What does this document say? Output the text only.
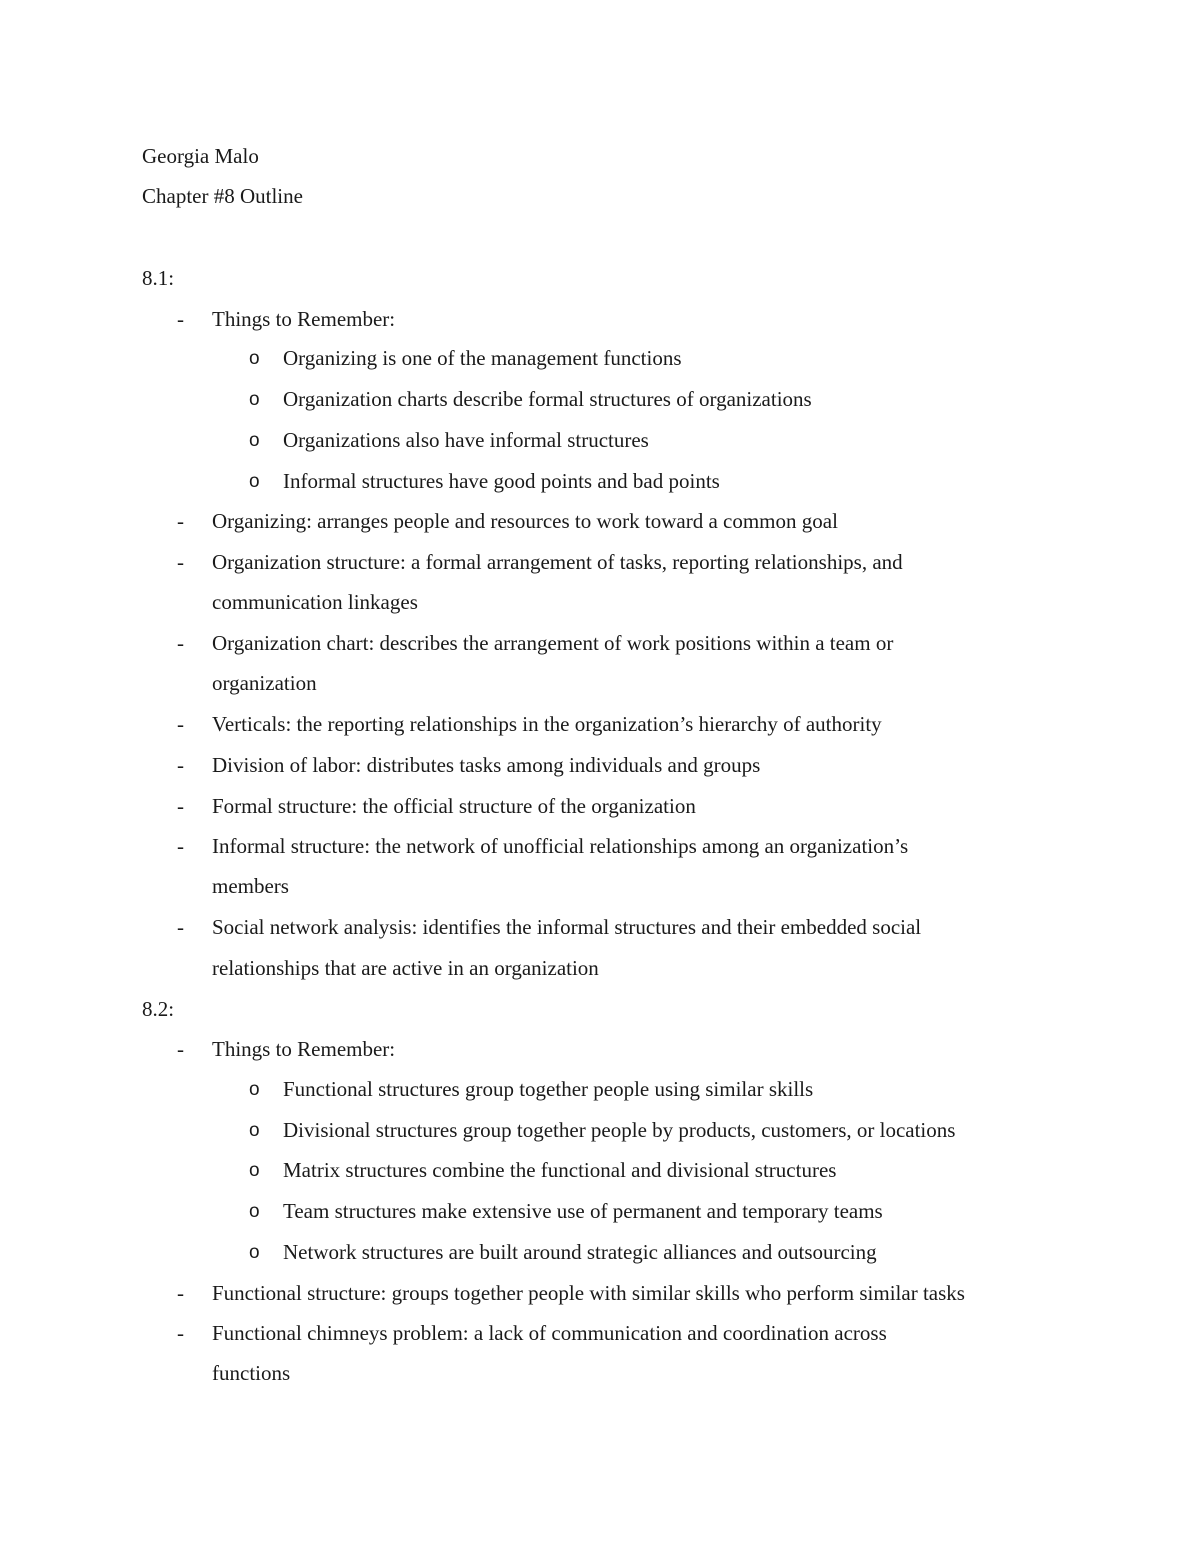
Georgia Malo
Chapter #8 Outline
8.1:
- Things to Remember:
o Organizing is one of the management functions
o Organization charts describe formal structures of organizations
o Organizations also have informal structures
o Informal structures have good points and bad points
- Organizing: arranges people and resources to work toward a common goal
- Organization structure: a formal arrangement of tasks, reporting relationships, and
communication linkages
- Organization chart: describes the arrangement of work positions within a team or
organization
- Verticals: the reporting relationships in the organization’s hierarchy of authority
- Division of labor: distributes tasks among individuals and groups
- Formal structure: the official structure of the organization
- Informal structure: the network of unofficial relationships among an organization’s
members
- Social network analysis: identifies the informal structures and their embedded social
relationships that are active in an organization
8.2:
- Things to Remember:
o Functional structures group together people using similar skills
o Divisional structures group together people by products, customers, or locations
o Matrix structures combine the functional and divisional structures
o Team structures make extensive use of permanent and temporary teams
o Network structures are built around strategic alliances and outsourcing
- Functional structure: groups together people with similar skills who perform similar tasks
- Functional chimneys problem: a lack of communication and coordination across
functions
